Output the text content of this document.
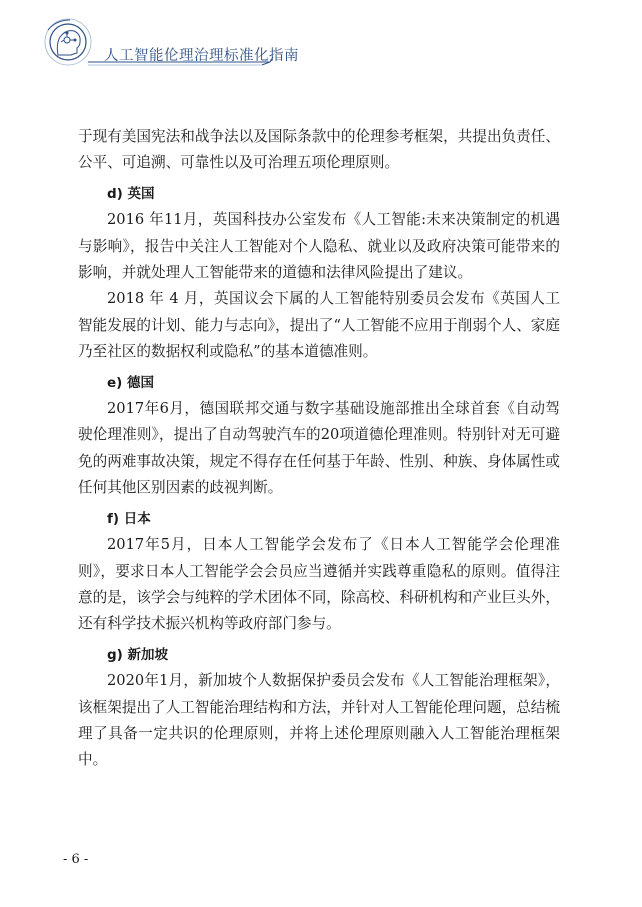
人工智能伦理治理标准化指南

于现有美国宪法和战争法以及国际条款中的伦理参考框架，共提出负责任、公平、可追溯、可靠性以及可治理五项伦理原则。

d) 英国

2016 年11月，英国科技办公室发布《人工智能:未来决策制定的机遇与影响》，报告中关注人工智能对个人隐私、就业以及政府决策可能带来的影响，并就处理人工智能带来的道德和法律风险提出了建议。

2018 年 4 月，英国议会下属的人工智能特别委员会发布《英国人工智能发展的计划、能力与志向》，提出了“人工智能不应用于削弱个人、家庭乃至社区的数据权利或隐私”的基本道德准则。

e) 德国

2017年6月，德国联邦交通与数字基础设施部推出全球首套《自动驾驶伦理准则》，提出了自动驾驶汽车的20项道德伦理准则。特别针对无可避免的两难事故决策，规定不得存在任何基于年龄、性别、种族、身体属性或任何其他区别因素的歧视判断。

f) 日本

2017年5月，日本人工智能学会发布了《日本人工智能学会伦理准则》，要求日本人工智能学会会员应当遵循并实践尊重隐私的原则。值得注意的是，该学会与纯粹的学术团体不同，除高校、科研机构和产业巨头外，还有科学技术振兴机构等政府部门参与。

g) 新加坡

2020年1月，新加坡个人数据保护委员会发布《人工智能治理框架》，该框架提出了人工智能治理结构和方法，并针对人工智能伦理问题，总结梳理了具备一定共识的伦理原则，并将上述伦理原则融入人工智能治理框架中。

- 6 -
